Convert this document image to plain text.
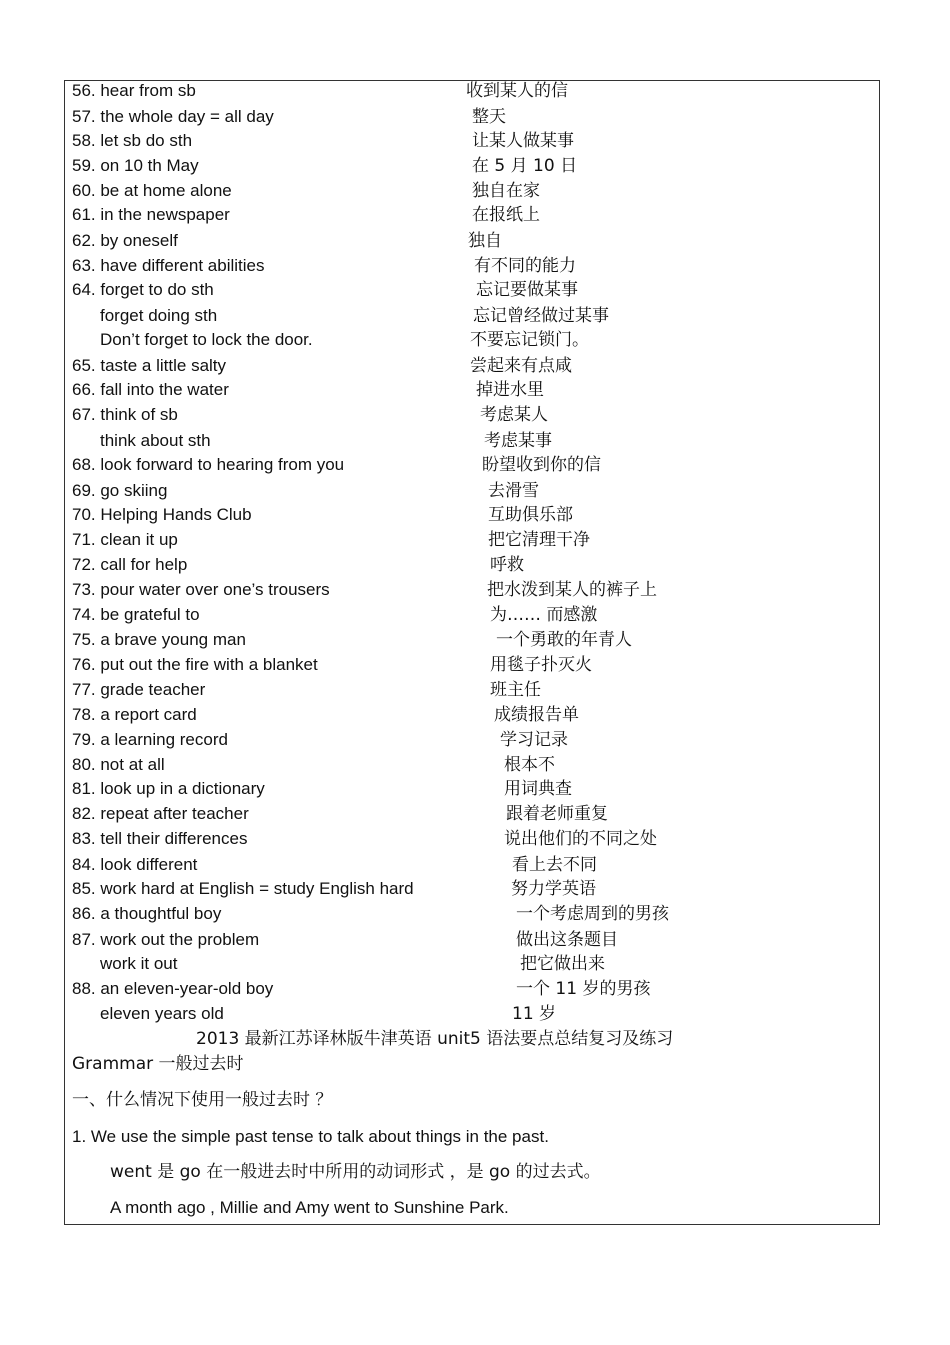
56. hear from sb	收到某人的信
57. the whole day = all day	整天
58. let sb do sth	让某人做某事
59. on 10 th May	在 5 月 10 日
60. be at home alone	独自在家
61. in the newspaper	在报纸上
62. by oneself	独自
63. have different abilities	有不同的能力
64. forget to do sth	忘记要做某事
forget doing sth	忘记曾经做过某事
Don’t forget to lock the door.	不要忘记锁门。
65. taste a little salty	尝起来有点咸
66. fall into the water	掉进水里
67. think of sb	考虑某人
think about sth	考虑某事
68. look forward to hearing from you	盼望收到你的信
69. go skiing	去滑雪
70. Helping Hands Club	互助俱乐部
71. clean it up	把它清理干净
72. call for help	呼救
73. pour water over one’s trousers	把水泼到某人的裤子上
74. be grateful to	为…… 而感激
75. a brave young man	一个勇敢的年青人
76. put out the fire with a blanket	用毯子扑灭火
77. grade teacher	班主任
78. a report card	成绩报告单
79. a learning record	学习记录
80. not at all	根本不
81. look up in a dictionary	用词典查
82. repeat after teacher	跟着老师重复
83. tell their differences	说出他们的不同之处
84. look different	看上去不同
85. work hard at English = study English hard	努力学英语
86. a thoughtful boy	一个考虑周到的男孩
87. work out the problem	做出这条题目
work it out	把它做出来
88. an eleven-year-old boy	一个 11 岁的男孩
eleven years old	11 岁
2013 最新江苏译林版牛津英语 unit5 语法要点总结复习及练习
Grammar 一般过去时
一、什么情况下使用一般过去时 ？
1. We use the simple past tense to talk about things in the past.
went 是 go 在一般进去时中所用的动词形式 ，是 go 的过去式。
A month ago , Millie and Amy went to Sunshine Park.
